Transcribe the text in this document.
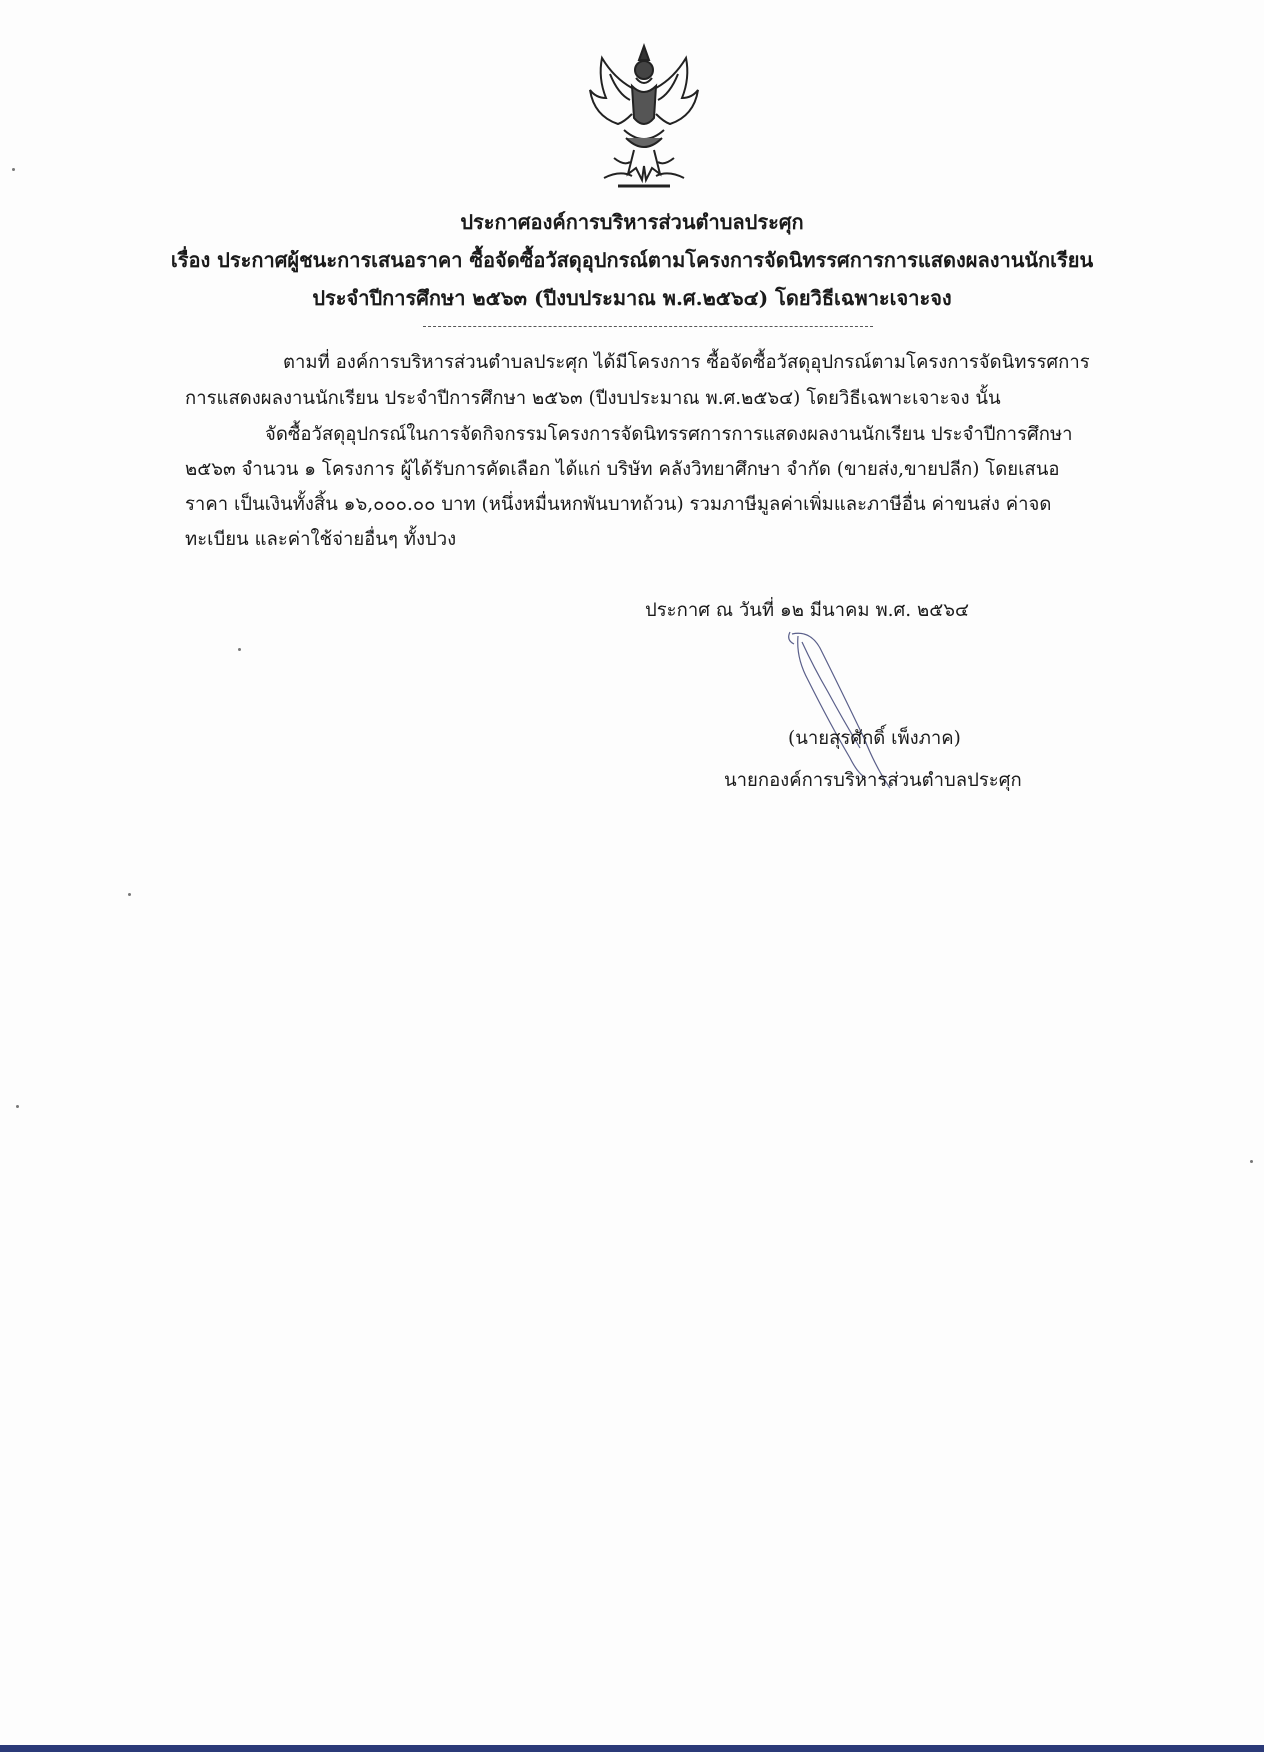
ประกาศองค์การบริหารส่วนตำบลประศุก
เรื่อง ประกาศผู้ชนะการเสนอราคา ซื้อจัดซื้อวัสดุอุปกรณ์ตามโครงการจัดนิทรรศการการแสดงผลงานนักเรียน
ประจำปีการศึกษา ๒๕๖๓ (ปีงบประมาณ พ.ศ.๒๕๖๔) โดยวิธีเฉพาะเจาะจง
ตามที่ องค์การบริหารส่วนตำบลประศุก ได้มีโครงการ ซื้อจัดซื้อวัสดุอุปกรณ์ตามโครงการจัดนิทรรศการ
การแสดงผลงานนักเรียน ประจำปีการศึกษา ๒๕๖๓ (ปีงบประมาณ พ.ศ.๒๕๖๔) โดยวิธีเฉพาะเจาะจง นั้น
จัดซื้อวัสดุอุปกรณ์ในการจัดกิจกรรมโครงการจัดนิทรรศการการแสดงผลงานนักเรียน ประจำปีการศึกษา
๒๕๖๓ จำนวน ๑ โครงการ ผู้ได้รับการคัดเลือก ได้แก่ บริษัท คลังวิทยาศึกษา จำกัด (ขายส่ง,ขายปลีก) โดยเสนอ
ราคา เป็นเงินทั้งสิ้น ๑๖,๐๐๐.๐๐ บาท (หนึ่งหมื่นหกพันบาทถ้วน) รวมภาษีมูลค่าเพิ่มและภาษีอื่น ค่าขนส่ง ค่าจด
ทะเบียน และค่าใช้จ่ายอื่นๆ ทั้งปวง
ประกาศ ณ วันที่ ๑๒ มีนาคม พ.ศ. ๒๕๖๔
(นายสุรศักดิ์ เพ็งภาค)
นายกองค์การบริหารส่วนตำบลประศุก
